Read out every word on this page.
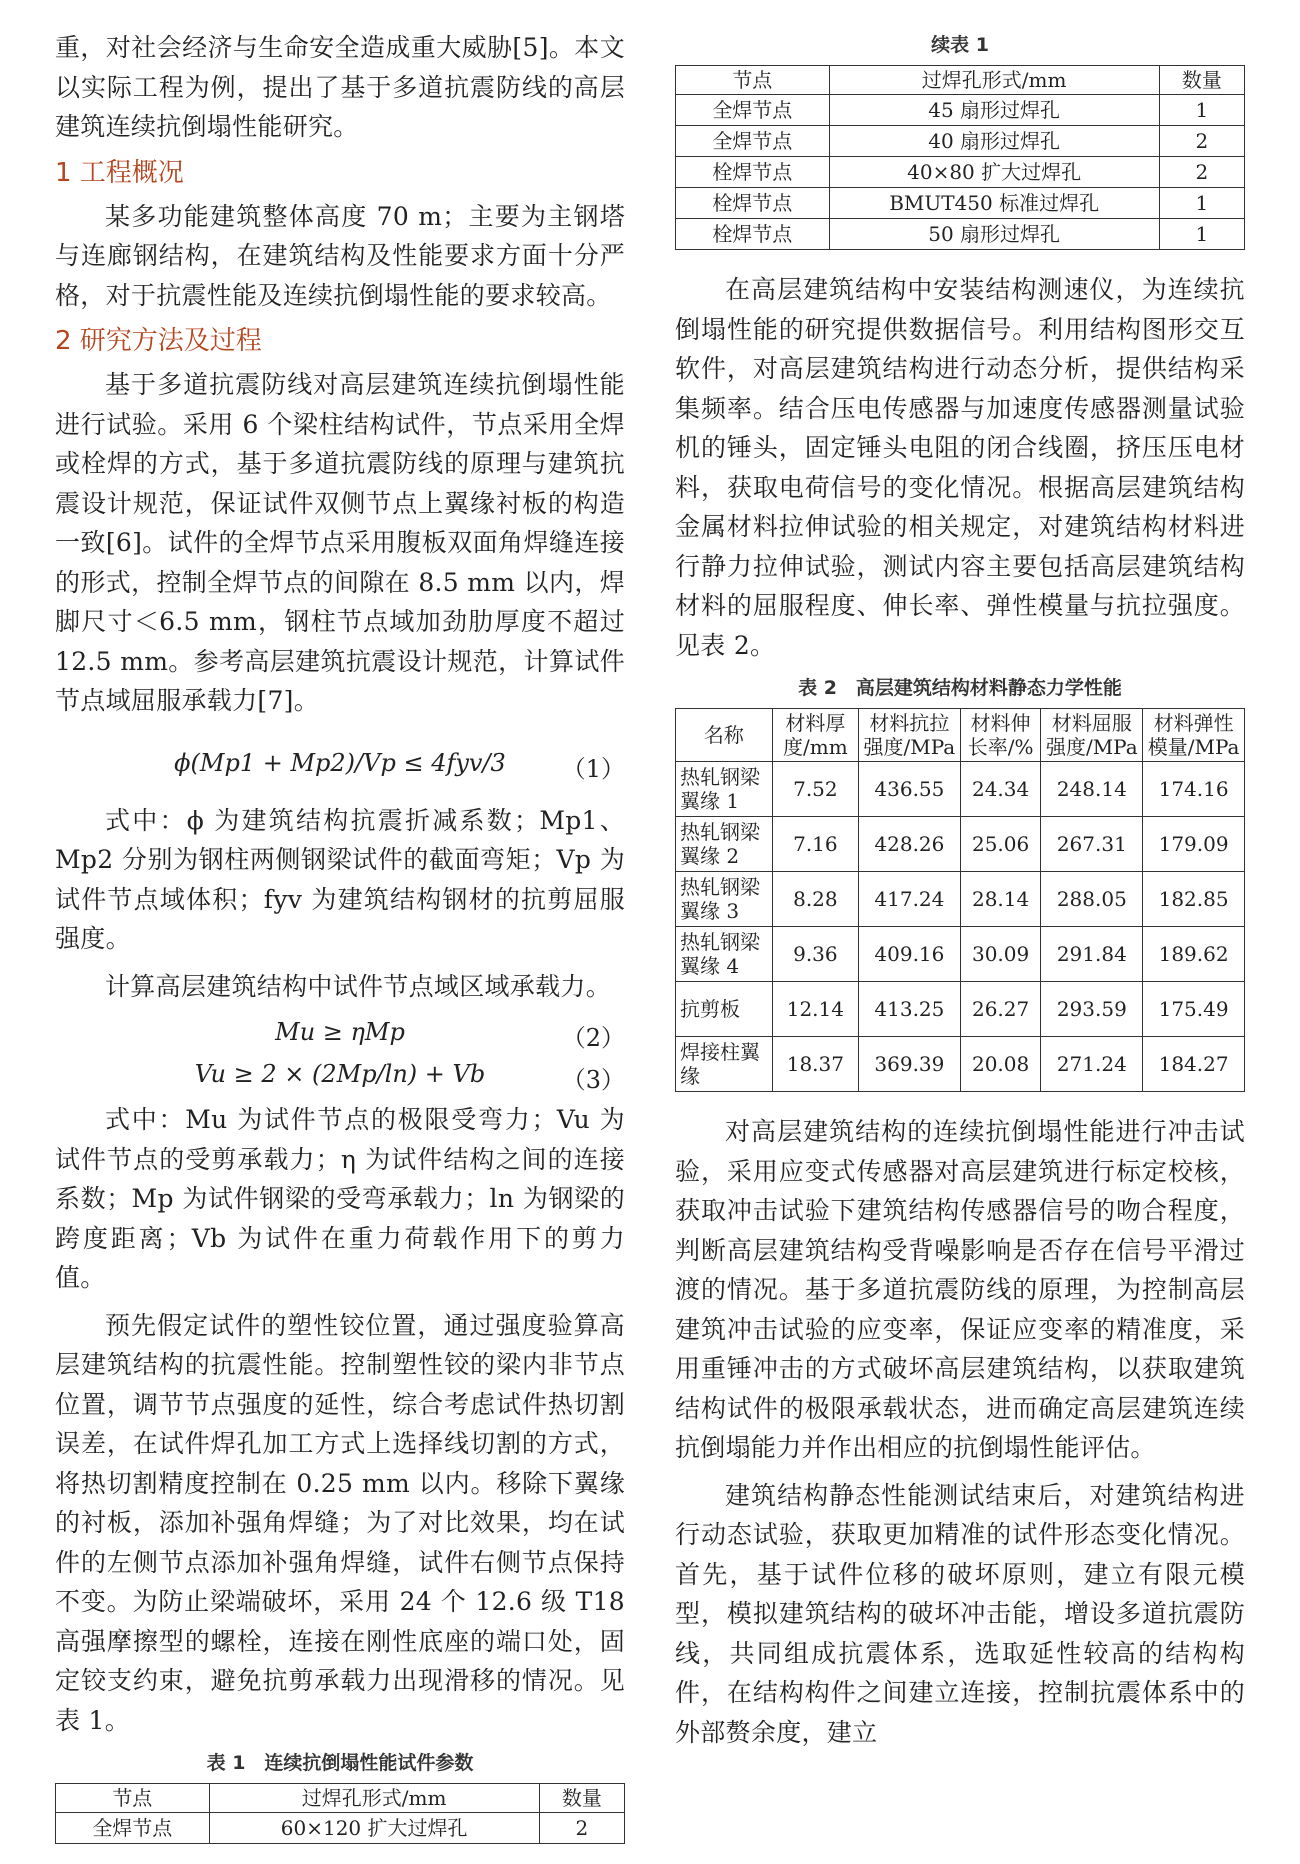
重，对社会经济与生命安全造成重大威胁[5]。本文以实际工程为例，提出了基于多道抗震防线的高层建筑连续抗倒塌性能研究。

1 工程概况

某多功能建筑整体高度 70 m；主要为主钢塔与连廊钢结构，在建筑结构及性能要求方面十分严格，对于抗震性能及连续抗倒塌性能的要求较高。

2 研究方法及过程

基于多道抗震防线对高层建筑连续抗倒塌性能进行试验。采用 6 个梁柱结构试件，节点采用全焊或栓焊的方式，基于多道抗震防线的原理与建筑抗震设计规范，保证试件双侧节点上翼缘衬板的构造一致[6]。试件的全焊节点采用腹板双面角焊缝连接的形式，控制全焊节点的间隙在 8.5 mm 以内，焊脚尺寸＜6.5 mm，钢柱节点域加劲肋厚度不超过 12.5 mm。参考高层建筑抗震设计规范，计算试件节点域屈服承载力[7]。

ϕ(Mp1 + Mp2)/Vp ≤ 4fyv/3	（1）

式中：ϕ 为建筑结构抗震折减系数；Mp1、Mp2 分别为钢柱两侧钢梁试件的截面弯矩；Vp 为试件节点域体积；fyv 为建筑结构钢材的抗剪屈服强度。

计算高层建筑结构中试件节点域区域承载力。

Mu ≥ ηMp	（2）
Vu ≥ 2 × (2Mp/ln) + Vb	（3）

式中：Mu 为试件节点的极限受弯力；Vu 为试件节点的受剪承载力；η 为试件结构之间的连接系数；Mp 为试件钢梁的受弯承载力；ln 为钢梁的跨度距离；Vb 为试件在重力荷载作用下的剪力值。

预先假定试件的塑性铰位置，通过强度验算高层建筑结构的抗震性能。控制塑性铰的梁内非节点位置，调节节点强度的延性，综合考虑试件热切割误差，在试件焊孔加工方式上选择线切割的方式，将热切割精度控制在 0.25 mm 以内。移除下翼缘的衬板，添加补强角焊缝；为了对比效果，均在试件的左侧节点添加补强角焊缝，试件右侧节点保持不变。为防止梁端破坏，采用 24 个 12.6 级 T18 高强摩擦型的螺栓，连接在刚性底座的端口处，固定铰支约束，避免抗剪承载力出现滑移的情况。见表 1。

表 1　连续抗倒塌性能试件参数
节点	过焊孔形式/mm	数量
全焊节点	60×120 扩大过焊孔	2
续表 1
节点	过焊孔形式/mm	数量
全焊节点	45 扇形过焊孔	1
全焊节点	40 扇形过焊孔	2
栓焊节点	40×80 扩大过焊孔	2
栓焊节点	BMUT450 标准过焊孔	1
栓焊节点	50 扇形过焊孔	1

在高层建筑结构中安装结构测速仪，为连续抗倒塌性能的研究提供数据信号。利用结构图形交互软件，对高层建筑结构进行动态分析，提供结构采集频率。结合压电传感器与加速度传感器测量试验机的锤头，固定锤头电阻的闭合线圈，挤压压电材料，获取电荷信号的变化情况。根据高层建筑结构金属材料拉伸试验的相关规定，对建筑结构材料进行静力拉伸试验，测试内容主要包括高层建筑结构材料的屈服程度、伸长率、弹性模量与抗拉强度。见表 2。

表 2　高层建筑结构材料静态力学性能
名称	材料厚度/mm	材料抗拉强度/MPa	材料伸长率/%	材料屈服强度/MPa	材料弹性模量/MPa
热轧钢梁翼缘 1	7.52	436.55	24.34	248.14	174.16
热轧钢梁翼缘 2	7.16	428.26	25.06	267.31	179.09
热轧钢梁翼缘 3	8.28	417.24	28.14	288.05	182.85
热轧钢梁翼缘 4	9.36	409.16	30.09	291.84	189.62
抗剪板	12.14	413.25	26.27	293.59	175.49
焊接柱翼缘	18.37	369.39	20.08	271.24	184.27

对高层建筑结构的连续抗倒塌性能进行冲击试验，采用应变式传感器对高层建筑进行标定校核，获取冲击试验下建筑结构传感器信号的吻合程度，判断高层建筑结构受背噪影响是否存在信号平滑过渡的情况。基于多道抗震防线的原理，为控制高层建筑冲击试验的应变率，保证应变率的精准度，采用重锤冲击的方式破坏高层建筑结构，以获取建筑结构试件的极限承载状态，进而确定高层建筑连续抗倒塌能力并作出相应的抗倒塌性能评估。

建筑结构静态性能测试结束后，对建筑结构进行动态试验，获取更加精准的试件形态变化情况。首先，基于试件位移的破坏原则，建立有限元模型，模拟建筑结构的破坏冲击能，增设多道抗震防线，共同组成抗震体系，选取延性较高的结构构件，在结构构件之间建立连接，控制抗震体系中的外部赘余度，建立
